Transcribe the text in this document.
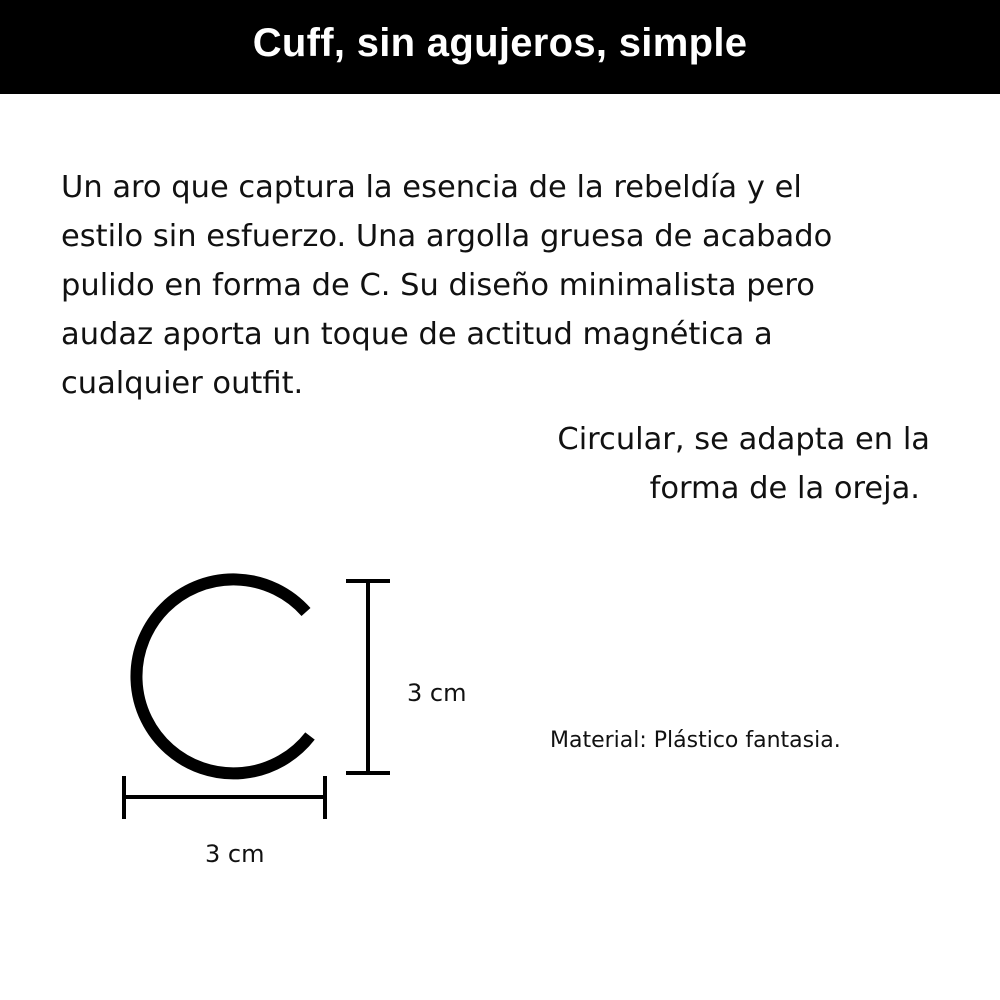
Cuff, sin agujeros, simple

Un aro que captura la esencia de la rebeldía y el estilo sin esfuerzo. Una argolla gruesa de acabado pulido en forma de C. Su diseño minimalista pero audaz aporta un toque de actitud magnética a cualquier outfit.

Circular, se adapta en la

forma de la oreja.

3 cm
3 cm
Material: Plástico fantasia.
